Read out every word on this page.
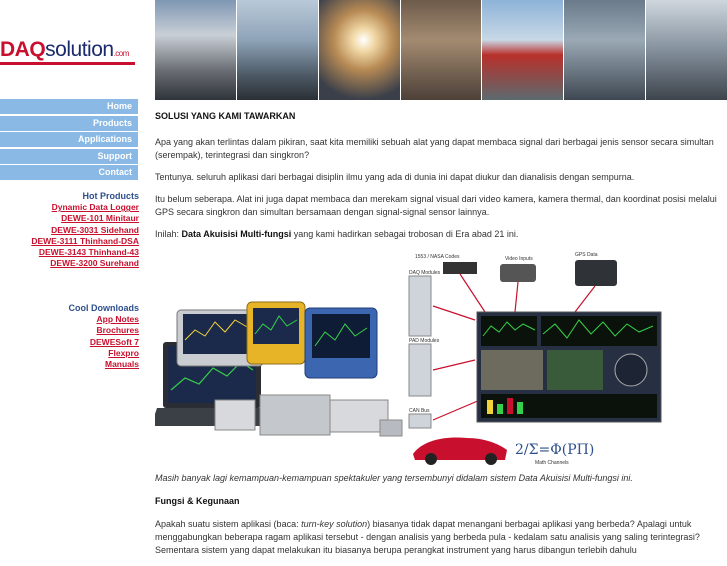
DAQsolution.com
Home
Products
Applications
Support
Contact
Hot Products
Dynamic Data Logger
DEWE-101 Minitaur
DEWE-3031 Sidehand
DEWE-3111 Thinhand-DSA
DEWE-3143 Thinhand-43
DEWE-3200 Surehand
Cool Downloads
App Notes
Brochures
DEWESoft 7
Flexpro
Manuals
SOLUSI YANG KAMI TAWARKAN

Apa yang akan terlintas dalam pikiran, saat kita memiliki sebuah alat yang dapat membaca signal dari berbagai jenis sensor secara simultan (serempak), terintegrasi dan singkron?

Tentunya. seluruh aplikasi dari berbagai disiplin ilmu yang ada di dunia ini dapat diukur dan dianalisis dengan sempurna.

Itu belum seberapa. Alat ini juga dapat membaca dan merekam signal visual dari video kamera, kamera thermal, dan koordinat posisi melalui GPS secara singkron dan simultan bersamaan dengan signal-signal sensor lainnya.

Inilah: Data Akuisisi Multi-fungsi yang kami hadirkan sebagai trobosan di Era abad 21 ini.

DAQ Modules
1553 / NASA Codes	Video Inputs
GPS Data
PAD Modules
CAN Bus
2/Σ=Φ(PΠ)
Math Channels

Masih banyak lagi kemampuan-kemampuan spektakuler yang tersembunyi didalam sistem Data Akuisisi Multi-fungsi ini.

Fungsi & Kegunaan

Apakah suatu sistem aplikasi (baca: turn-key solution) biasanya tidak dapat menangani berbagai aplikasi yang berbeda? Apalagi untuk menggabungkan beberapa ragam aplikasi tersebut - dengan analisis yang berbeda pula - kedalam satu analisis yang saling terintegrasi? Sementara sistem yang dapat melakukan itu biasanya berupa perangkat instrument yang harus dibangun terlebih dahulu
